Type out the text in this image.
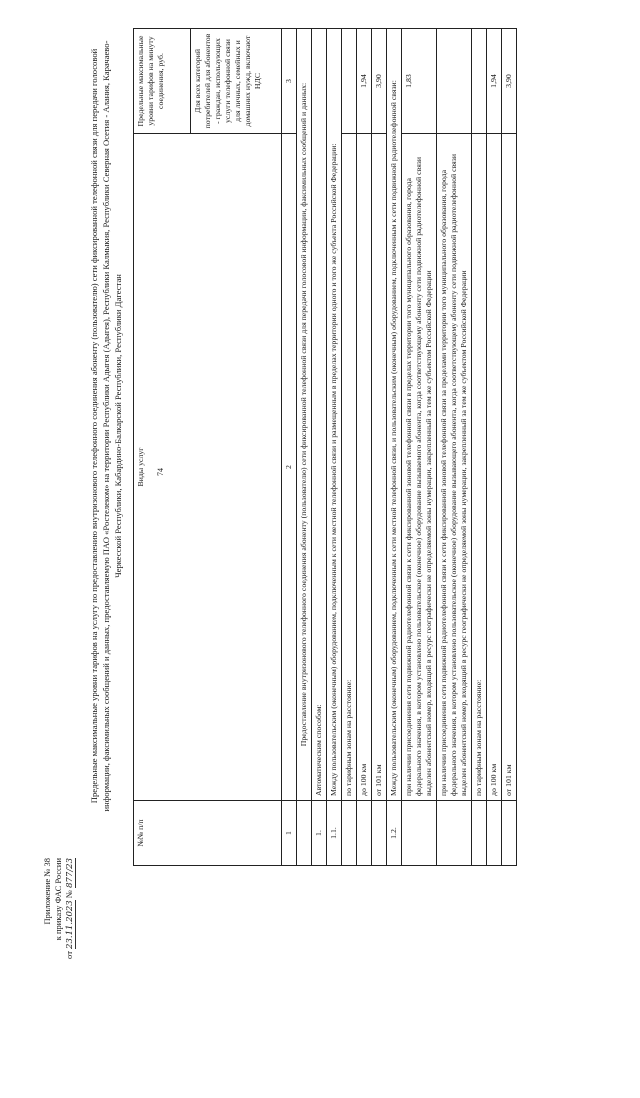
74
Приложение № 38 к приказу ФАС России
от 23.11.2023 № 877/23
Предельные максимальные уровни тарифов на услугу по предоставлению внутризонового телефонного соединения абоненту (пользователю) сети фиксированной телефонной связи для передачи голосовой информации, факсимильных сообщений и данных, предоставляемую ПАО «Ростелеком» на территории Республики Адыгея (Адыгея), Республики Калмыкия, Республики Северная Осетия - Алания, Карачаево-Черкесской Республики, Кабардино-Балкарской Республики, Республики Дагестан
№№ п/п	Виды услуг	Предельные максимальные уровни тарифов на минуту соединения, руб.
		Для всех категорий потребителей для абонентов - граждан, использующих услуги телефонной связи для личных, семейных и домашних нужд, включают НДС
1	2	3
	Предоставление внутризонового телефонного соединения абоненту (пользователю) сети фиксированной телефонной связи для передачи голосовой информации, факсимильных сообщений и данных:	
1.	Автоматическим способом:	
1.1.	Между пользовательским (оконечным) оборудованием, подключенным к сети местной телефонной связи и размещенным в пределах территории одного и того же субъекта Российской Федерации:	
	по тарифным зонам на расстояние:	
	до 100 км	1,94
	от 101 км	3,90
1.2.	Между пользовательским (оконечным) оборудованием, подключенным к сети местной телефонной связи, и пользовательским (оконечным) оборудованием, подключенным к сети подвижной радиотелефонной связи:	
	при наличии присоединения сети подвижной радиотелефонной связи к сети фиксированной зоновой телефонной связи в пределах территории того муниципального образования, города федерального значения, в котором установлено пользовательское (оконечное) оборудование вызываемого абонента, когда соответствующему абоненту сети подвижной радиотелефонной связи выделен абонентский номер, входящий в ресурс географически не определяемой зоны нумерации, закрепленный за тем же субъектом Российской Федерации	1,83
	при наличии присоединения сети подвижной радиотелефонной связи к сети фиксированной зоновой телефонной связи за пределами территории того муниципального образования, города федерального значения, в котором установлено пользовательское (оконечное) оборудование вызывающего абонента, когда соответствующему абоненту сети подвижной радиотелефонной связи выделен абонентский номер, входящий в ресурс географически не определяемой зоны нумерации, закрепленный за тем же субъектом Российской Федерации	
	по тарифным зонам на расстояние:	
	до 100 км	1,94
	от 101 км	3,90
